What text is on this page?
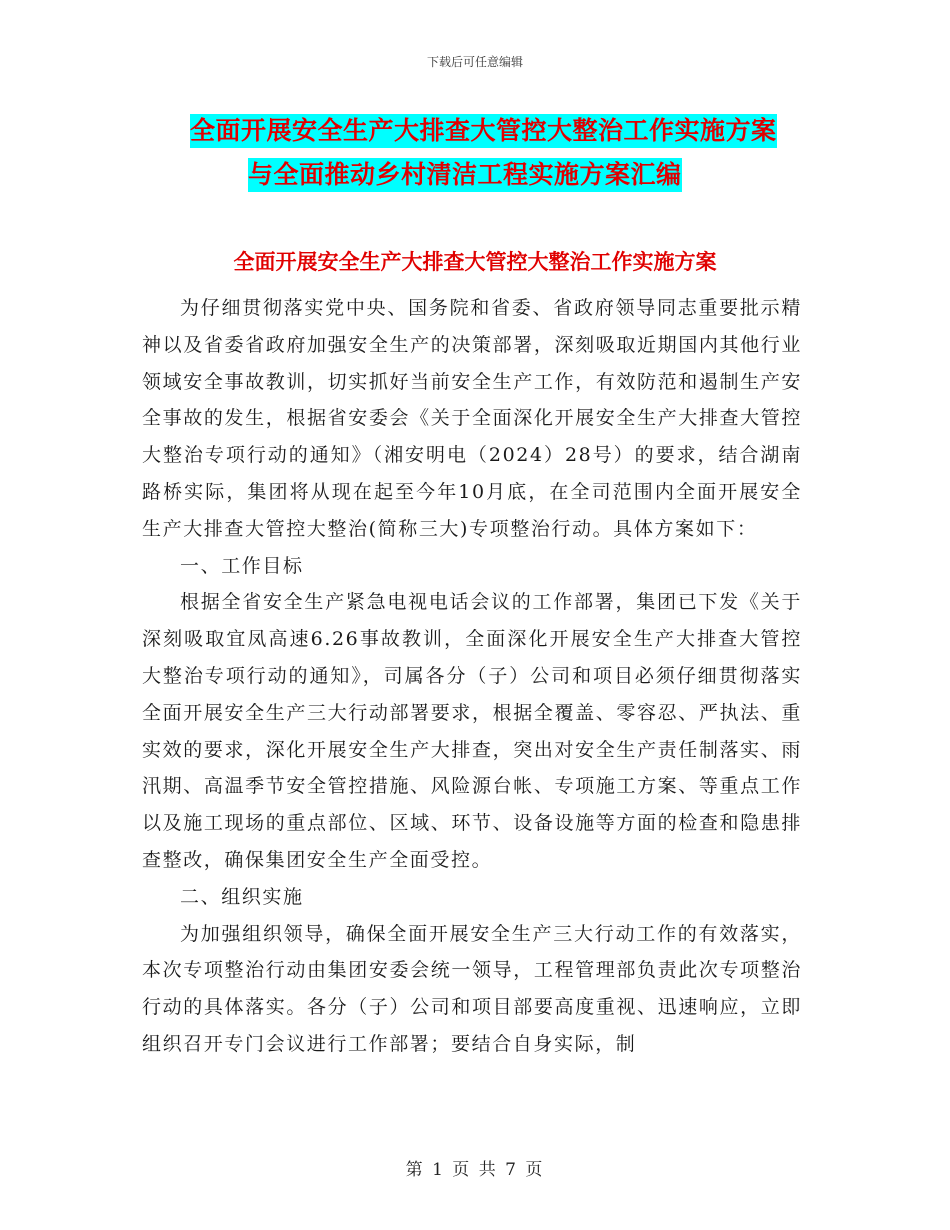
下载后可任意编辑
全面开展安全生产大排查大管控大整治工作实施方案
与全面推动乡村清洁工程实施方案汇编
全面开展安全生产大排查大管控大整治工作实施方案

为仔细贯彻落实党中央、国务院和省委、省政府领导同志重要批示精神以及省委省政府加强安全生产的决策部署，深刻吸取近期国内其他行业领域安全事故教训，切实抓好当前安全生产工作，有效防范和遏制生产安全事故的发生，根据省安委会《关于全面深化开展安全生产大排查大管控大整治专项行动的通知》（湘安明电（2024）28号）的要求，结合湖南路桥实际，集团将从现在起至今年10月底，在全司范围内全面开展安全生产大排查大管控大整治(简称三大)专项整治行动。具体方案如下：

一、工作目标

根据全省安全生产紧急电视电话会议的工作部署，集团已下发《关于深刻吸取宜凤高速6.26事故教训，全面深化开展安全生产大排查大管控大整治专项行动的通知》，司属各分（子）公司和项目必须仔细贯彻落实全面开展安全生产三大行动部署要求，根据全覆盖、零容忍、严执法、重实效的要求，深化开展安全生产大排查，突出对安全生产责任制落实、雨汛期、高温季节安全管控措施、风险源台帐、专项施工方案、等重点工作以及施工现场的重点部位、区域、环节、设备设施等方面的检查和隐患排查整改，确保集团安全生产全面受控。

二、组织实施

为加强组织领导，确保全面开展安全生产三大行动工作的有效落实，本次专项整治行动由集团安委会统一领导，工程管理部负责此次专项整治行动的具体落实。各分（子）公司和项目部要高度重视、迅速响应，立即组织召开专门会议进行工作部署；要结合自身实际，制

第 1 页 共 7 页
